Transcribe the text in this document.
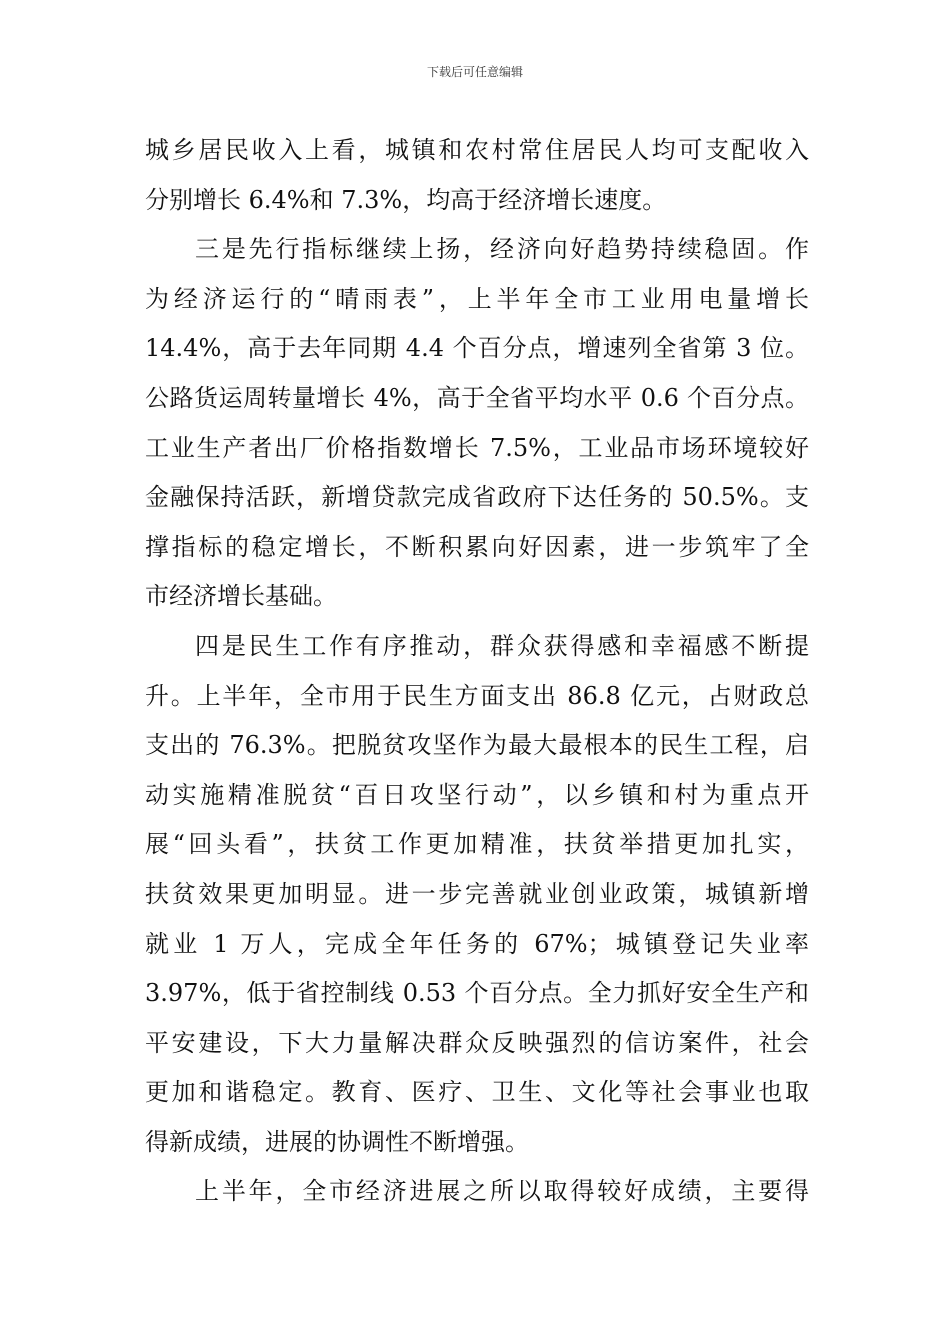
下载后可任意编辑
城乡居民收入上看，城镇和农村常住居民人均可支配收入
分别增长 6.4%和 7.3%，均高于经济增长速度。
三是先行指标继续上扬，经济向好趋势持续稳固。作
为经济运行的“晴雨表”，上半年全市工业用电量增长
14.4%，高于去年同期 4.4 个百分点，增速列全省第 3 位。
公路货运周转量增长 4%，高于全省平均水平 0.6 个百分点。
工业生产者出厂价格指数增长 7.5%，工业品市场环境较好
金融保持活跃，新增贷款完成省政府下达任务的 50.5%。支
撑指标的稳定增长，不断积累向好因素，进一步筑牢了全
市经济增长基础。
四是民生工作有序推动，群众获得感和幸福感不断提
升。上半年，全市用于民生方面支出 86.8 亿元，占财政总
支出的 76.3%。把脱贫攻坚作为最大最根本的民生工程，启
动实施精准脱贫“百日攻坚行动”，以乡镇和村为重点开
展“回头看”，扶贫工作更加精准，扶贫举措更加扎实，
扶贫效果更加明显。进一步完善就业创业政策，城镇新增
就业 1 万人，完成全年任务的 67%；城镇登记失业率
3.97%，低于省控制线 0.53 个百分点。全力抓好安全生产和
平安建设，下大力量解决群众反映强烈的信访案件，社会
更加和谐稳定。教育、医疗、卫生、文化等社会事业也取
得新成绩，进展的协调性不断增强。
上半年，全市经济进展之所以取得较好成绩，主要得
